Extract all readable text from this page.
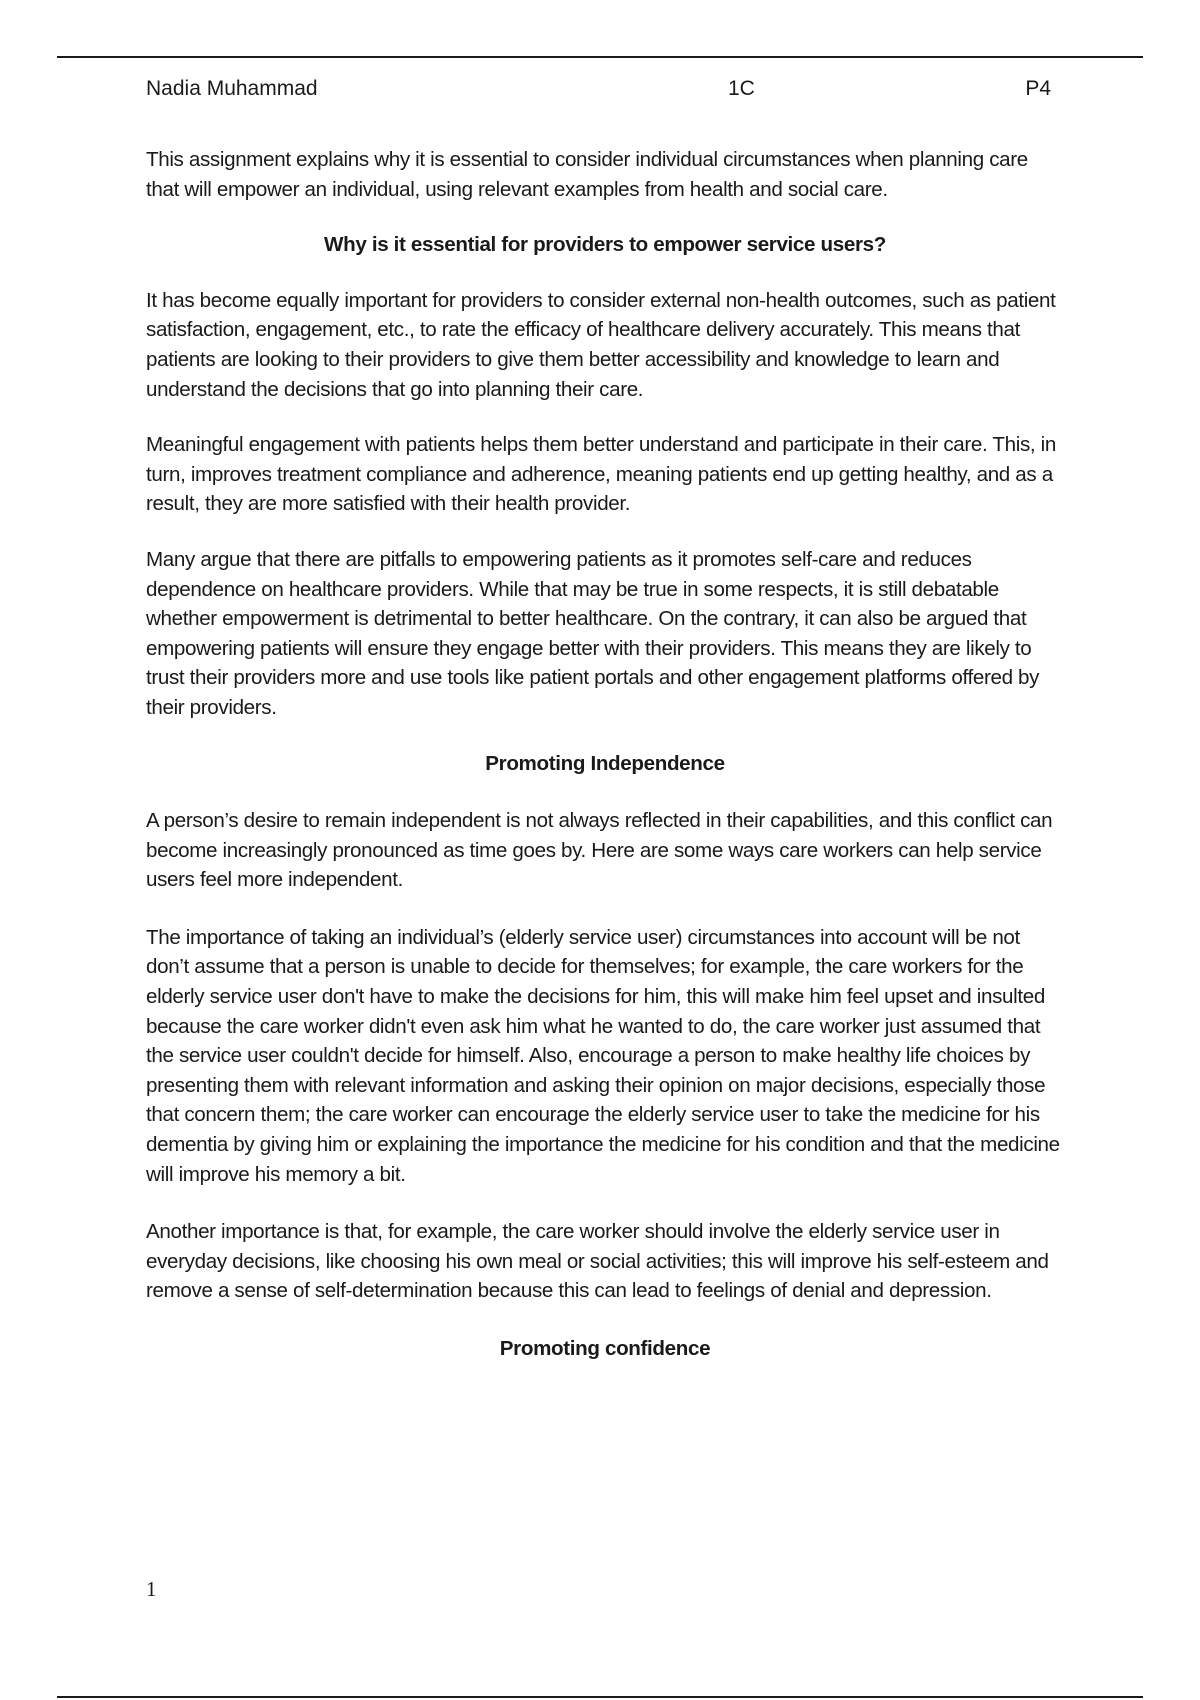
Nadia Muhammad	1C	P4

This assignment explains why it is essential to consider individual circumstances when planning care that will empower an individual, using relevant examples from health and social care.

Why is it essential for providers to empower service users?

It has become equally important for providers to consider external non-health outcomes, such as patient satisfaction, engagement, etc., to rate the efficacy of healthcare delivery accurately. This means that patients are looking to their providers to give them better accessibility and knowledge to learn and understand the decisions that go into planning their care.

Meaningful engagement with patients helps them better understand and participate in their care. This, in turn, improves treatment compliance and adherence, meaning patients end up getting healthy, and as a result, they are more satisfied with their health provider.

Many argue that there are pitfalls to empowering patients as it promotes self-care and reduces dependence on healthcare providers. While that may be true in some respects, it is still debatable whether empowerment is detrimental to better healthcare. On the contrary, it can also be argued that empowering patients will ensure they engage better with their providers. This means they are likely to trust their providers more and use tools like patient portals and other engagement platforms offered by their providers.

Promoting Independence

A person’s desire to remain independent is not always reflected in their capabilities, and this conflict can become increasingly pronounced as time goes by. Here are some ways care workers can help service users feel more independent.

The importance of taking an individual’s (elderly service user) circumstances into account will be not don’t assume that a person is unable to decide for themselves; for example, the care workers for the elderly service user don't have to make the decisions for him, this will make him feel upset and insulted because the care worker didn't even ask him what he wanted to do, the care worker just assumed that the service user couldn't decide for himself. Also, encourage a person to make healthy life choices by presenting them with relevant information and asking their opinion on major decisions, especially those that concern them; the care worker can encourage the elderly service user to take the medicine for his dementia by giving him or explaining the importance the medicine for his condition and that the medicine will improve his memory a bit.

Another importance is that, for example, the care worker should involve the elderly service user in everyday decisions, like choosing his own meal or social activities; this will improve his self-esteem and remove a sense of self-determination because this can lead to feelings of denial and depression.

Promoting confidence
1
